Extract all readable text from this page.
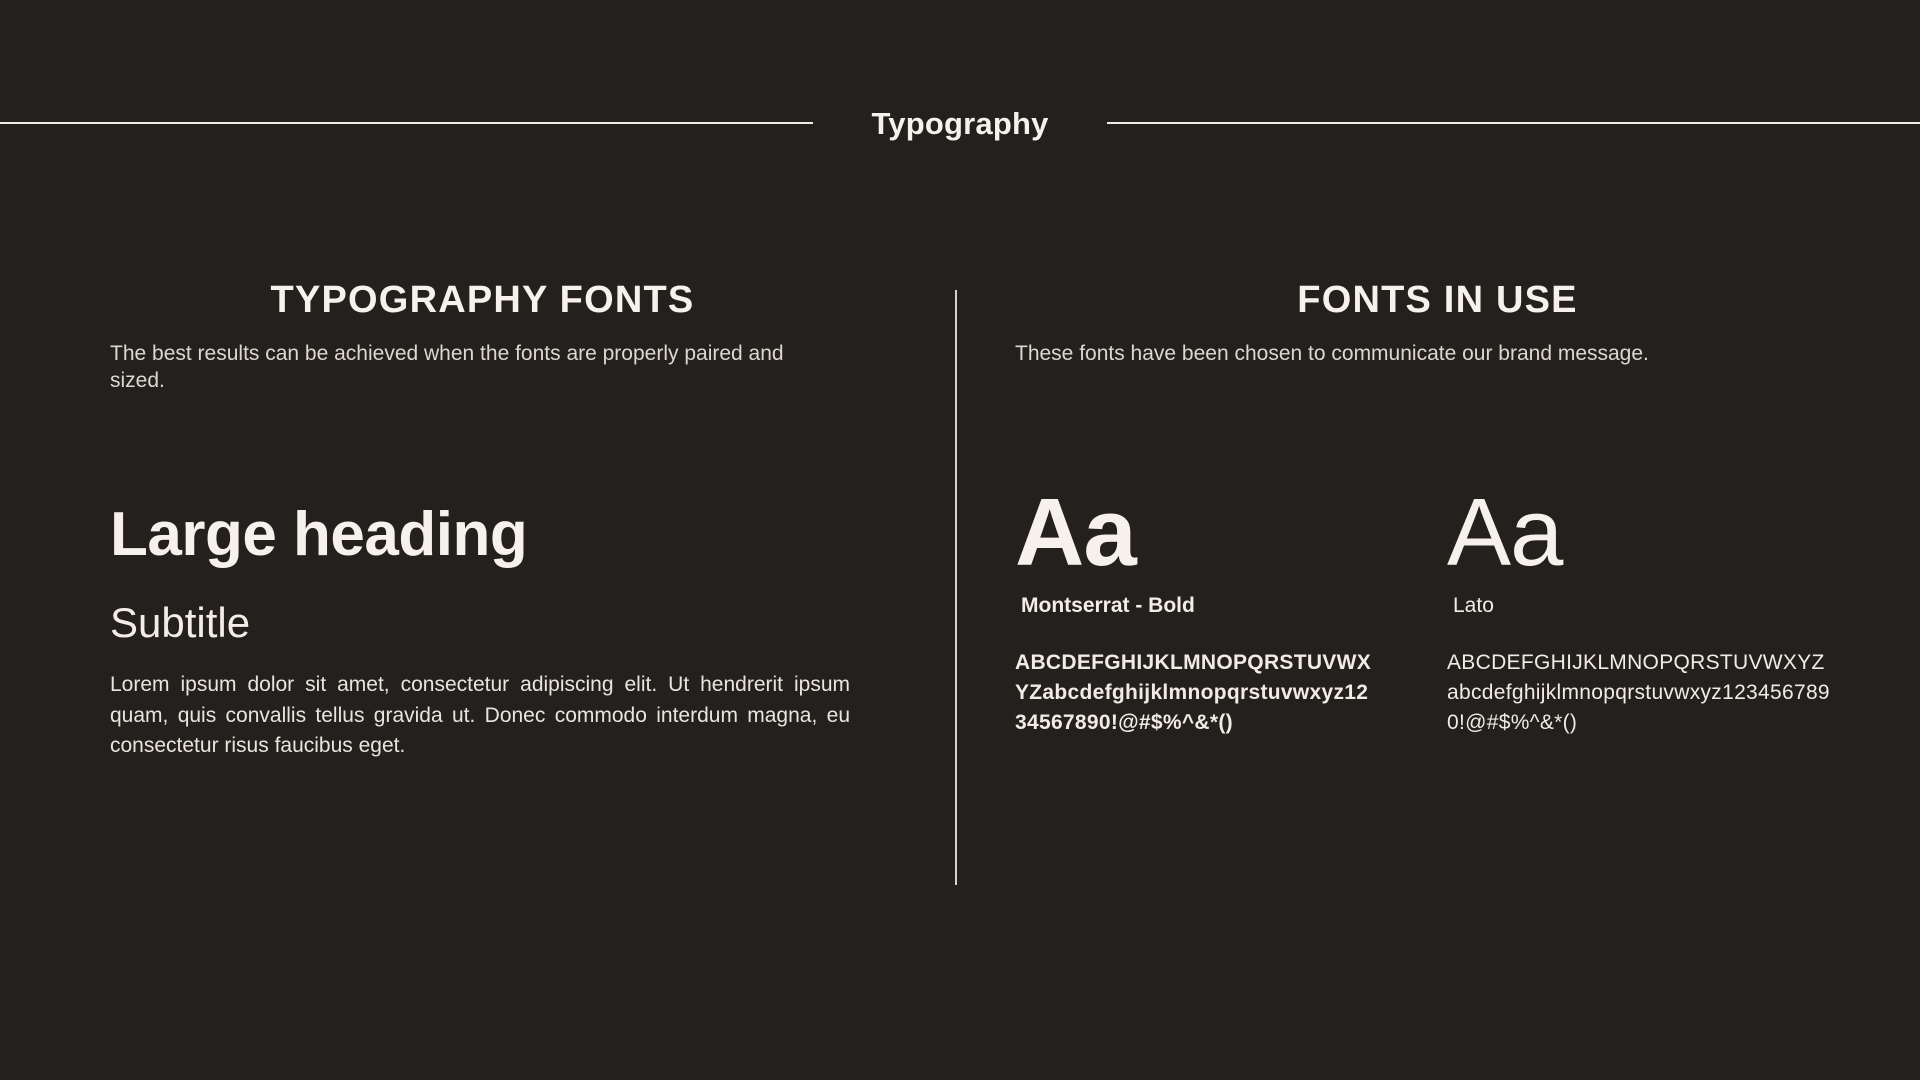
Typography
TYPOGRAPHY FONTS
The best results can be achieved when the fonts are properly paired and sized.
Large heading
Subtitle
Lorem ipsum dolor sit amet, consectetur adipiscing elit. Ut hendrerit ipsum quam, quis convallis tellus gravida ut. Donec commodo interdum magna, eu consectetur risus faucibus eget.
FONTS IN USE
These fonts have been chosen to communicate our brand message.
Aa
Montserrat - Bold
ABCDEFGHIJKLMNOPQRSTUVWXYZabcdefghijklmnopqrstuvwxyz1234567890!@#$%^&*()
Aa
Lato
ABCDEFGHIJKLMNOPQRSTUVWXYZabcdefghijklmnopqrstuvwxyz1234567890!@#$%^&*()
